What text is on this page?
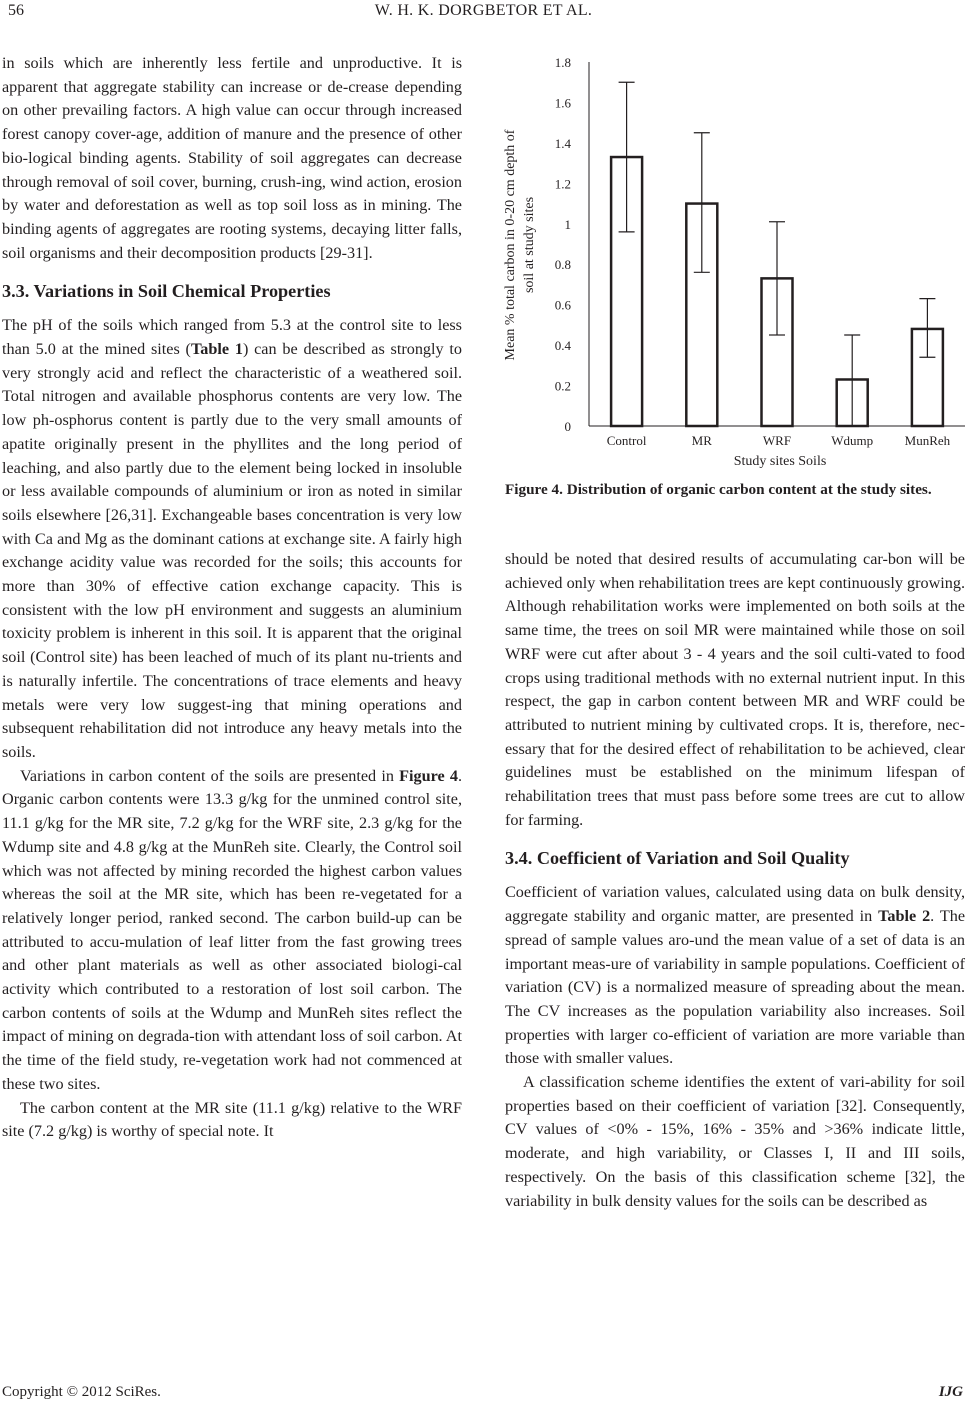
56	W. H. K. DORGBETOR ET AL.

in soils which are inherently less fertile and unproductive. It is apparent that aggregate stability can increase or de-crease depending on other prevailing factors. A high value can occur through increased forest canopy cover-age, addition of manure and the presence of other bio-logical binding agents. Stability of soil aggregates can decrease through removal of soil cover, burning, crush-ing, wind action, erosion by water and deforestation as well as top soil loss as in mining. The binding agents of aggregates are rooting systems, decaying litter falls, soil organisms and their decomposition products [29-31].

3.3. Variations in Soil Chemical Properties

The pH of the soils which ranged from 5.3 at the control site to less than 5.0 at the mined sites (Table 1) can be described as strongly to very strongly acid and reflect the characteristic of a weathered soil. Total nitrogen and available phosphorus contents are very low. The low ph-osphorus content is partly due to the very small amounts of apatite originally present in the phyllites and the long period of leaching, and also partly due to the element being locked in insoluble or less available compounds of aluminium or iron as noted in similar soils elsewhere [26,31]. Exchangeable bases concentration is very low with Ca and Mg as the dominant cations at exchange site. A fairly high exchange acidity value was recorded for the soils; this accounts for more than 30% of effective cation exchange capacity. This is consistent with the low pH environment and suggests an aluminium toxicity problem is inherent in this soil. It is apparent that the original soil (Control site) has been leached of much of its plant nu-trients and is naturally infertile. The concentrations of trace elements and heavy metals were very low suggest-ing that mining operations and subsequent rehabilitation did not introduce any heavy metals into the soils.

Variations in carbon content of the soils are presented in Figure 4. Organic carbon contents were 13.3 g/kg for the unmined control site, 11.1 g/kg for the MR site, 7.2 g/kg for the WRF site, 2.3 g/kg for the Wdump site and 4.8 g/kg at the MunReh site. Clearly, the Control soil which was not affected by mining recorded the highest carbon values whereas the soil at the MR site, which has been re-vegetated for a relatively longer period, ranked second. The carbon build-up can be attributed to accu-mulation of leaf litter from the fast growing trees and other plant materials as well as other associated biologi-cal activity which contributed to a restoration of lost soil carbon. The carbon contents of soils at the Wdump and MunReh sites reflect the impact of mining on degrada-tion with attendant loss of soil carbon. At the time of the field study, re-vegetation work had not commenced at these two sites.

The carbon content at the MR site (11.1 g/kg) relative to the WRF site (7.2 g/kg) is worthy of special note. It

0
0.2
0.4
0.6
0.8
1
1.2
1.4
1.6
1.8
Control	MR	WRF	Wdump MunReh
Mean % total carbon in 0-20 cm depth of soil at study sites
Study sites Soils
Figure 4. Distribution of organic carbon content at the study sites.

should be noted that desired results of accumulating car-bon will be achieved only when rehabilitation trees are kept continuously growing. Although rehabilitation works were implemented on both soils at the same time, the trees on soil MR were maintained while those on soil WRF were cut after about 3 - 4 years and the soil culti-vated to food crops using traditional methods with no external nutrient input. In this respect, the gap in carbon content between MR and WRF could be attributed to nutrient mining by cultivated crops. It is, therefore, nec-essary that for the desired effect of rehabilitation to be achieved, clear guidelines must be established on the minimum lifespan of rehabilitation trees that must pass before some trees are cut to allow for farming.

3.4. Coefficient of Variation and Soil Quality

Coefficient of variation values, calculated using data on bulk density, aggregate stability and organic matter, are presented in Table 2. The spread of sample values aro-und the mean value of a set of data is an important meas-ure of variability in sample populations. Coefficient of variation (CV) is a normalized measure of spreading about the mean. The CV increases as the population variability also increases. Soil properties with larger co-efficient of variation are more variable than those with smaller values.

A classification scheme identifies the extent of vari-ability for soil properties based on their coefficient of variation [32]. Consequently, CV values of <0% - 15%, 16% - 35% and >36% indicate little, moderate, and high variability, or Classes I, II and III soils, respectively. On the basis of this classification scheme [32], the variability in bulk density values for the soils can be described as

Copyright © 2012 SciRes.	IJG
